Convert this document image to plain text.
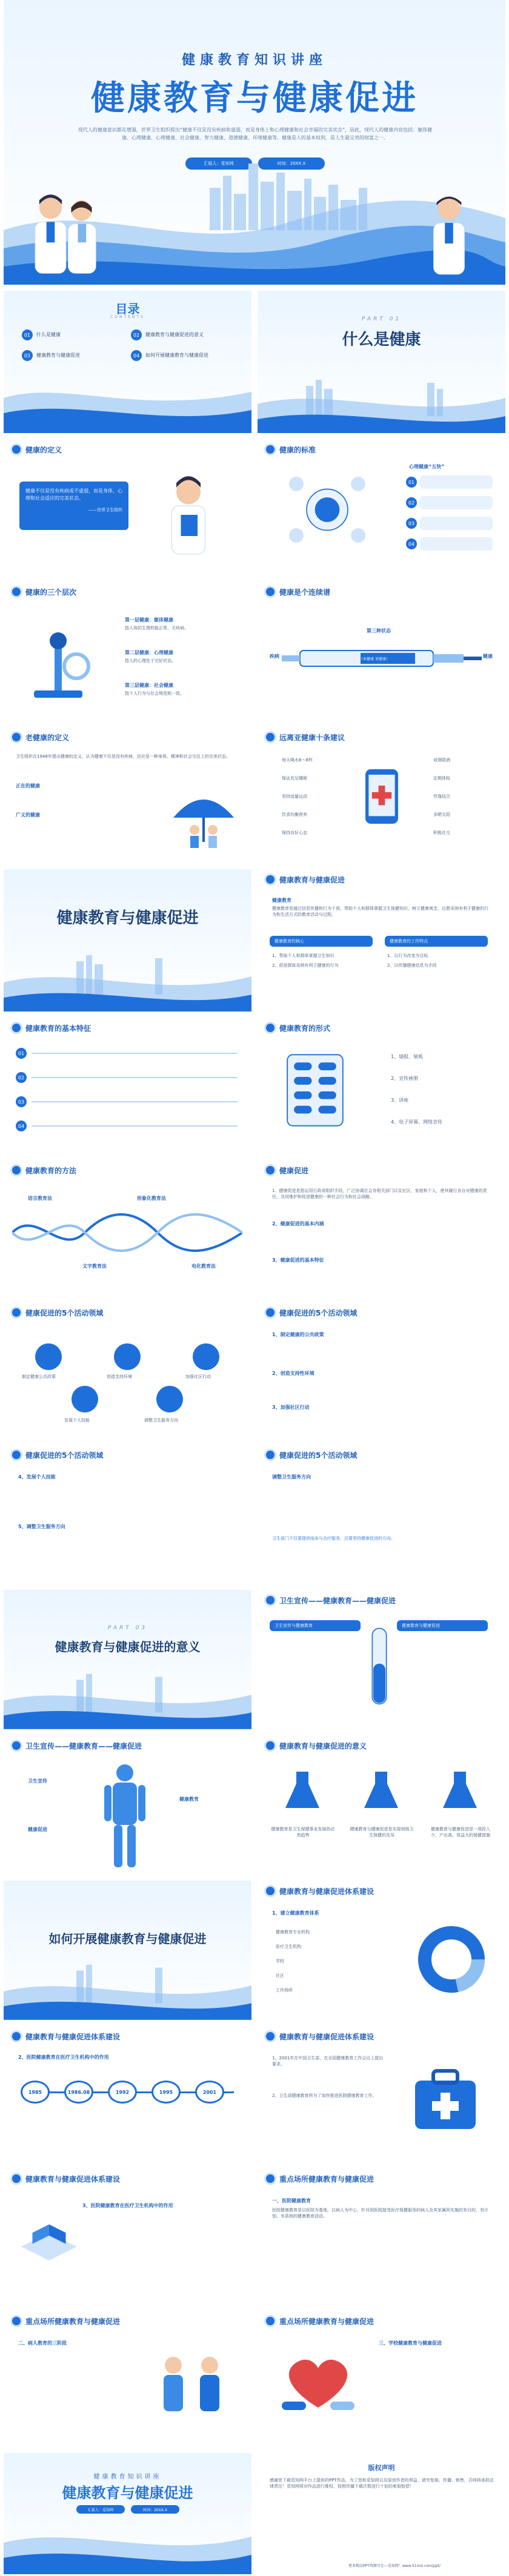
健康教育知识讲座
健康教育与健康促进
现代人的健康意识都在增强，世界卫生组织提出“健康不仅是没有疾病和虚弱，而是身体上和心理健康和社会幸福的完美状态”，因此，现代人的健康内容包括：躯体健康、心理健康、心理健康、社会健康、智力健康、道德健康、环境健康等。健康是人的基本权利，是人生最宝贵的财富之一。
汇报人：觅知网	时间：20XX.X
目录
CONTENTS
01	什么是健康	02	健康教育与健康促进的意义
03	健康教育与健康促进	04	如何开展健康教育与健康促进
PART 01
什么是健康
健康的定义
健康不仅是没有疾病或不虚弱，而是身体、心理和社会适应的完美状态。
——世界卫生组织
健康的标准
心理健康“五快”
01
02
03
04
健康的三个层次
第一层健康：躯体健康
指人体的生理机能正常，无疾病。
第二层健康：心理健康
指人的心理处于完好状态。
第三层健康：社会健康
指个人行为与社会规范相一致。
健康是个连续谱
第三种状态
（亚健康 亚健康）
疾病	健康
老健康的定义
卫生组织在1948年提出健康的定义，认为健康不仅是没有疾病，还应是一种身体、精神和社会交往上的完美状态。
正在的健康
广义的健康
远离亚健康十条建议
每天喝水6～8杯
保证充足睡眠
坚持适量运动
饮食均衡营养
保持良好心态
戒烟限酒
定期体检
劳逸结合
多晒太阳
积极社交
健康教育与健康促进
健康教育与健康促进
健康教育
健康教育是通过信息传播和行为干预，帮助个人和群体掌握卫生保健知识，树立健康观念，自愿采纳有利于健康的行为和生活方式的教育活动与过程。
健康教育的核心	健康教育的工作特点
1、帮助个人和群体掌握卫生知识
2、促进群体采纳有利于健康的行为
1、以行为改变为目标
2、以传播健康信息为手段
健康教育的基本特征
01
02
03
04
健康教育的形式
1、墙报、展板
2、宣传画册
3、讲座
4、电子屏幕、网络宣传
健康教育的方法
语言教育法
文字教育法
形象化教育法
电化教育法
健康促进
1、健康促进是指运用行政或组织手段，广泛协调社会各相关部门以及社区、家庭和个人，使其履行各自对健康的责任，共同维护和促进健康的一种社会行为和社会战略。
2、健康促进的基本内涵
3、健康促进的基本特征
健康促进的5个活动领域
制定健康公共政策	创造支持环境	加强社区行动
发展个人技能	调整卫生服务方向
健康促进的5个活动领域
1、制定健康的公共政策
2、创造支持性环境
3、加强社区行动
健康促进的5个活动领域
4、发展个人技能
5、调整卫生服务方向
健康促进的5个活动领域
调整卫生服务方向
卫生部门不仅要提供临床与治疗服务，还要坚持健康促进的方向。
PART 03
健康教育与健康促进的意义
卫生宣传——健康教育——健康促进
卫生宣传与健康教育	健康教育与健康促进
卫生宣传——健康教育——健康促进
卫生宣传
健康教育
健康促进
健康教育与健康促进的意义
健康教育是卫生保健事业发展的必然趋势
健康教育与健康促进是实现初级卫生保健的先导
健康教育与健康促进是一项投入少、产出高、效益大的保健措施
如何开展健康教育与健康促进
健康教育与健康促进体系建设
1、建立健康教育体系
健康教育专业机构
医疗卫生机构
学校
社区
工作场所
健康教育与健康促进体系建设
2、医院健康教育在医疗卫生机构中的作用
1985	1986.08	1992	1995	2001
健康教育与健康促进体系建设
1、2001年在中国卫生部，在全国健康教育工作会议上提出要求。
2、卫生部健康教育所为了加快推进医院健康教育工作。
健康教育与健康促进体系建设
3、医院健康教育在医疗卫生机构中的作用
重点场所健康教育与健康促进
一、医院健康教育
医院健康教育是以医院为基地，以病人为中心，针对到医院接受医疗保健服务的病人及其家属所实施的有目的、有计划、有系统的健康教育活动。
重点场所健康教育与健康促进
二、病人教育的三阶段
重点场所健康教育与健康促进
三、学校健康教育与健康促进
健康教育知识讲座
健康教育与健康促进
汇报人：觅知网	时间：20XX.X
版权声明
感谢您下载觅知网平台上提供的PPT作品，为了您和觅知网以及原创作者的利益，请勿复制、传播、销售，否则将承担法律责任！觅知网将对作品进行维权，按照传播下载次数进行十倍的索取赔偿！
更多精品PPT资源尽在—觅知网！www.51miz.com/ppt/
